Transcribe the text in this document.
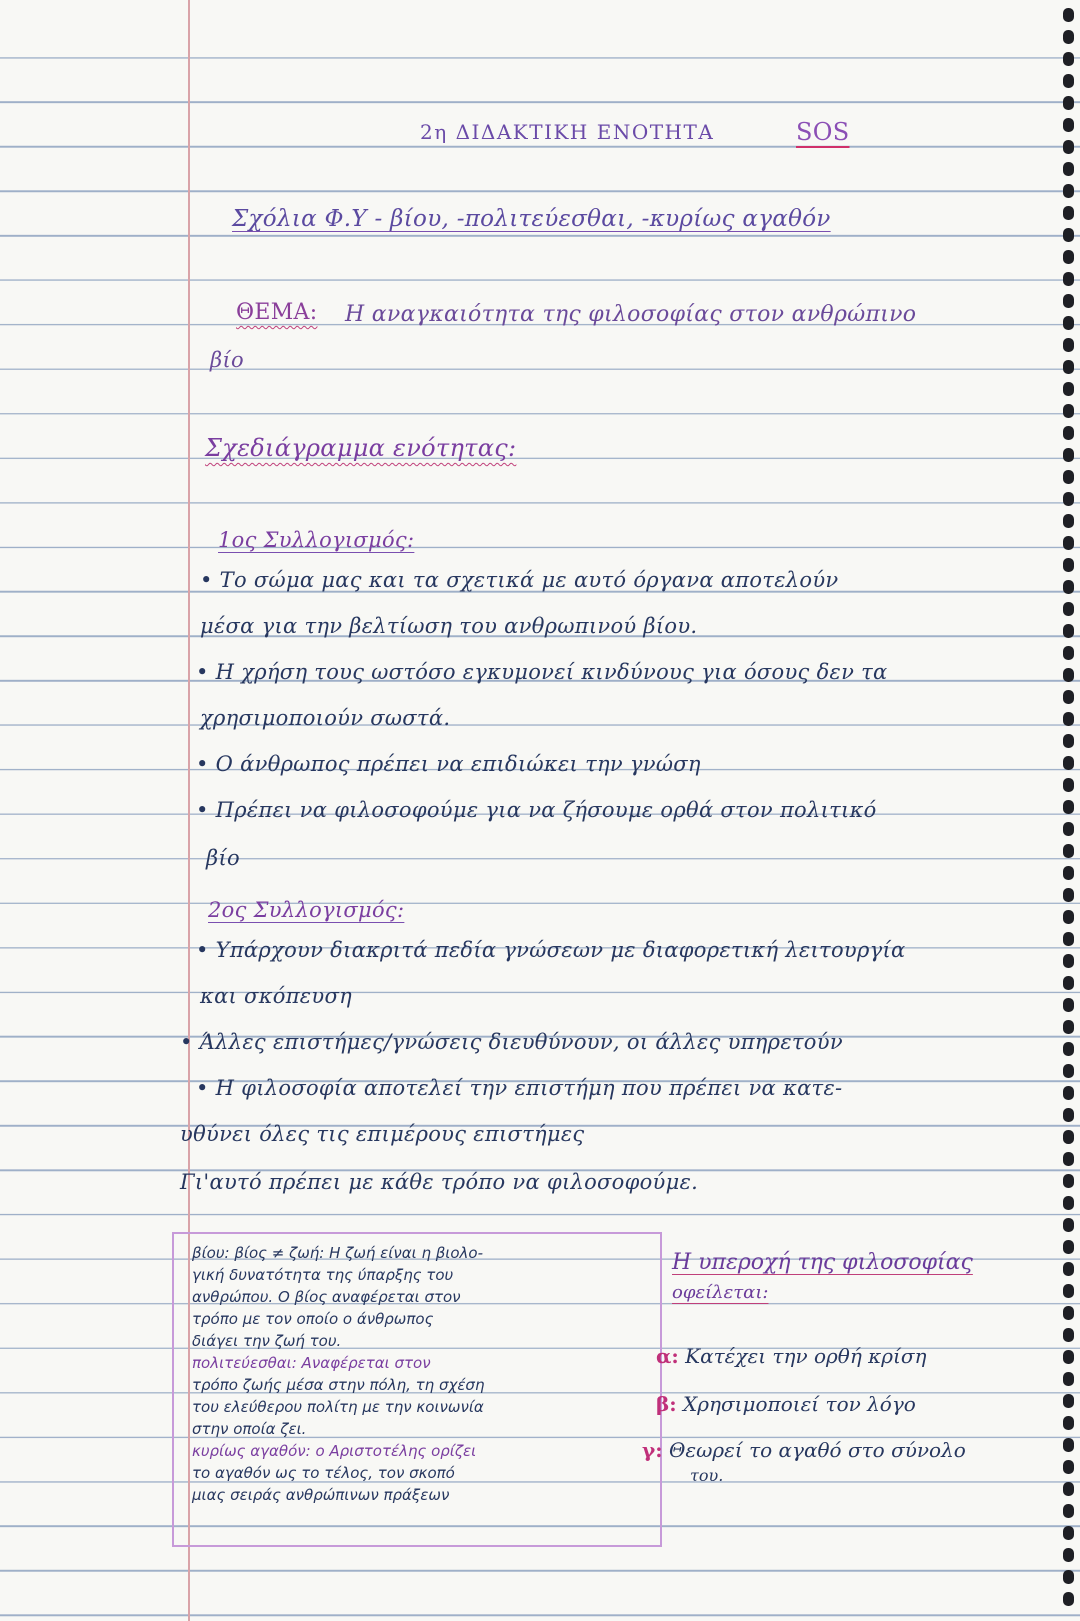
2η ΔΙΔΑΚΤΙΚΗ ΕΝΟΤΗΤΑ	SOS
Σχόλια Φ.Υ - βίου, -πολιτεύεσθαι, -κυρίως αγαθόν
ΘΕΜΑ: Η αναγκαιότητα της φιλοσοφίας στον ανθρώπινο
βίο
Σχεδιάγραμμα ενότητας:
1ος Συλλογισμός:
• Το σώμα μας και τα σχετικά με αυτό όργανα αποτελούν
μέσα για την βελτίωση του ανθρωπινού βίου.
• Η χρήση τους ωστόσο εγκυμονεί κινδύνους για όσους δεν τα
χρησιμοποιούν σωστά.
• Ο άνθρωπος πρέπει να επιδιώκει την γνώση
• Πρέπει να φιλοσοφούμε για να ζήσουμε ορθά στον πολιτικό
βίο
2ος Συλλογισμός:
• Υπάρχουν διακριτά πεδία γνώσεων με διαφορετική λειτουργία
και σκόπευση
• Άλλες επιστήμες/γνώσεις διευθύνουν, οι άλλες υπηρετούν
• Η φιλοσοφία αποτελεί την επιστήμη που πρέπει να κατε-
υθύνει όλες τις επιμέρους επιστήμες
Γι'αυτό πρέπει με κάθε τρόπο να φιλοσοφούμε.
βίου: βίος ≠ ζωή: Η ζωή είναι η βιολο-
γική δυνατότητα της ύπαρξης του
ανθρώπου. Ο βίος αναφέρεται στον
τρόπο με τον οποίο ο άνθρωπος
διάγει την ζωή του.
πολιτεύεσθαι: Αναφέρεται στον
τρόπο ζωής μέσα στην πόλη, τη σχέση
του ελεύθερου πολίτη με την κοινωνία
στην οποία ζει.
κυρίως αγαθόν: ο Αριστοτέλης ορίζει
το αγαθόν ως το τέλος, τον σκοπό
μιας σειράς ανθρώπινων πράξεων
Η υπεροχή της φιλοσοφίας
οφείλεται:
α: Κατέχει την ορθή κρίση
β: Χρησιμοποιεί τον λόγο
γ: Θεωρεί το αγαθό στο σύνολο
του.
